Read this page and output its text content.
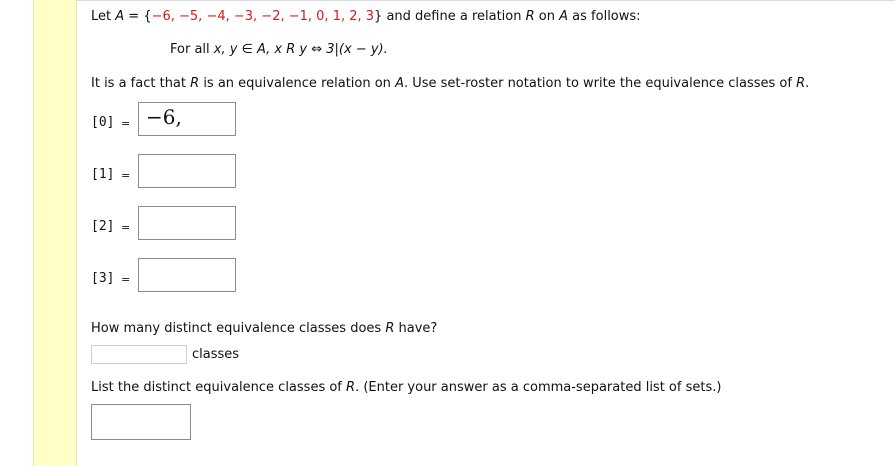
Let A = {−6, −5, −4, −3, −2, −1, 0, 1, 2, 3} and define a relation R on A as follows:
For all x, y ∈ A, x R y ⇔ 3|(x − y).
It is a fact that R is an equivalence relation on A. Use set-roster notation to write the equivalence classes of R.
[0] = −6,
[1] =
[2] =
[3] =
How many distinct equivalence classes does R have?
classes
List the distinct equivalence classes of R. (Enter your answer as a comma-separated list of sets.)
